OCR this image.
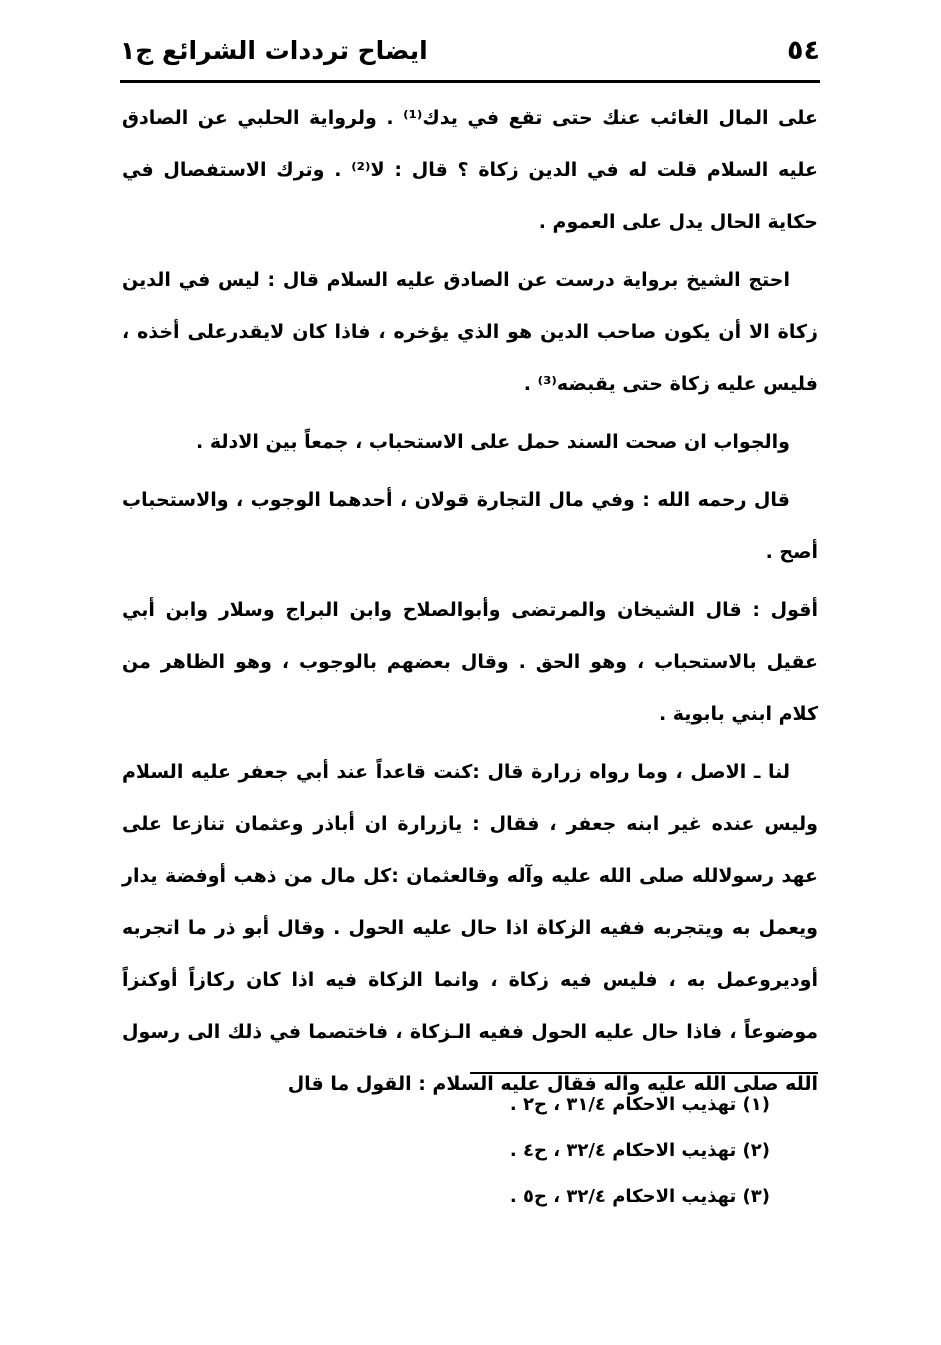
٥٤
ايضاح ترددات الشرائع ج١

على المال الغائب عنك حتى تقع في يدك⁽¹⁾ . ولرواية الحلبي عن الصادق عليه السلام قلت له في الدين زكاة ؟ قال : لا⁽²⁾ . وترك الاستفصال في حكاية الحال يدل على العموم .

احتج الشيخ برواية درست عن الصادق عليه السلام قال : ليس في الدين زكاة الا أن يكون صاحب الدين هو الذي يؤخره ، فاذا كان لايقدرعلى أخذه ، فليس عليه زكاة حتى يقبضه⁽³⁾ .

والجواب ان صحت السند حمل على الاستحباب ، جمعاً بين الادلة .

قال رحمه الله : وفي مال التجارة قولان ، أحدهما الوجوب ، والاستحباب أصح .

أقول : قال الشيخان والمرتضى وأبوالصلاح وابن البراج وسلار وابن أبي عقيل بالاستحباب ، وهو الحق . وقال بعضهم بالوجوب ، وهو الظاهر من كلام ابني بابوية .

لنا ـ الاصل ، وما رواه زرارة قال :كنت قاعداً عند أبي جعفر عليه السلام وليس عنده غير ابنه جعفر ، فقال : يازرارة ان أباذر وعثمان تنازعا على عهد رسولالله صلى الله عليه وآله وقالعثمان :كل مال من ذهب أوفضة يدار ويعمل به ويتجربه ففيه الزكاة اذا حال عليه الحول . وقال أبو ذر ما اتجربه أوديروعمل به ، فليس فيه زكاة ، وانما الزكاة فيه اذا كان ركازاً أوكنزاً موضوعاً ، فاذا حال عليه الحول ففيه الـزكاة ، فاختصما في ذلك الى رسول الله صلى الله عليه وآله فقال عليه السلام : القول ما قال

(١) تهذيب الاحكام ٣١/٤ ، ح٢ .
(٢) تهذيب الاحكام ٣٢/٤ ، ح٤ .
(٣) تهذيب الاحكام ٣٢/٤ ، ح٥ .
